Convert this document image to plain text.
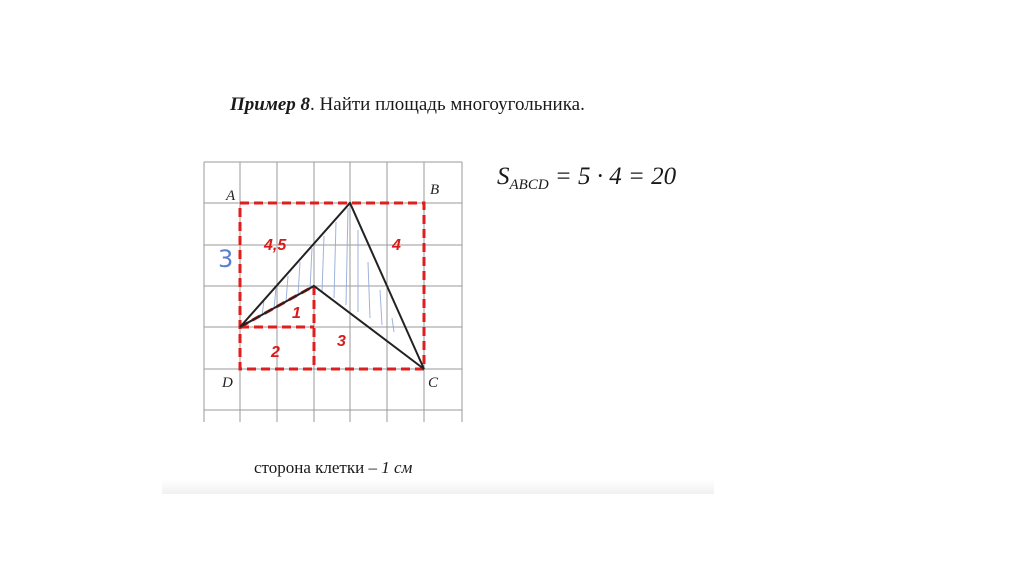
Пример 8. Найти площадь многоугольника.
$S_{ABCD} = 5 \cdot 4 = 20$
сторона клетки – 1 см
A	B
C
D
4,5	4
1
2
3
3
